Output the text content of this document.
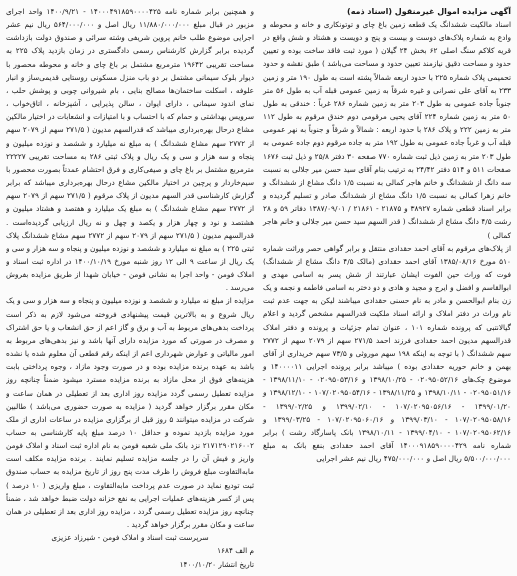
آگهی مزایده اموال غیرمنقول (اسناد ذمه)

اسناد مالکیت ششدانگ یک قطعه زمین باغ چای و توتونکاری و خانه و محوطه و وادع به شماره پلاک‌های دوست و بیست و پنج و دویست و هشتاد و شش واقع در قریه کلاکم سنگ اصلی ۶۲ بخش ۲۴ گیلان ( مورد ثبت فاقد ساخت بوده و تعیین حدود و مساحت دقیق نیازمند تعیین حدود و مساحت می‌باشد ) طبق نقشه و حدود تحمیمی پلاک شماره ۲۲۵ با حدود اربعه شمالاً پشته است به طول ۱۹۰ متر و زمین ۲۳۳ به آقای علی نصرانی و غیره شرقاً به زمین عمومی قبله آب به طول ۵۶ متر جنوباً جاده عمومی به طول ۲۰۳ متر به زمین شماره ۲۸۶ غرباً : خندقی به طول ۵۰ متر به زمین شماره ۲۲۴ آقای یحیی مرقومی دوم خندق مرقوم به طول ۱۱۲ متر به زمین ۲۲۲ و پلاک ۲۸۶ با حدود اربعه : شمالاً و شرقاً و جنوباً به نهر عمومی قبله آب و غرباً جاده عمومی به طول ۱۹۲ متر به جاده مرقوم دوم جاده عمومی به طول ۲۰۳ متر به زمین ذیل ثبت شماره ۷۷۰ صفحه ۳۰ دفتر ۲۵/۸ و ذیل ثبت ۱۶۷۶ صفحات ۵۱۱ و ۵۱۴ دفتر ۲۴/۴۲ به ترتیب بنام آقای سید حسن میر جلالی به نسبت سه دانگ از ششدانگ و خانم هاجر کمالی به نسبت ۱/۵ دانگ مشاع از ششدانگ و خانم زهرا کمالی به نسبت ۱/۵ دانگ مشاع از ششدانگ صادر و تسلیم گردیده و برابر اسناد قطعی شماره ۳۸۹۲۷ و ۲۱۸۷۵ - ۲۱۸۶۱ / ۱۳۸۷/۰۹/۰۱ دفاتر ۵۹ و ۲۸ رشت ۴/۵ دانگ مشاع از ششدانگ ( قدر السهم سید حسن میر جلالی و خانم هاجر کمالی )

از پلاک‌های مرقوم به آقای احمد حقدادی منتقل و برابر گواهی حصر وراثت شماره ۵۱۰ مورخ ۱۳۸۵/۰۸/۱۶ آقای احمد حقدادی (مالک ۴/۵ دانگ مشاع از ششدانگ) فوت که وراث حین الفوت ایشان عبارتند از شش پسر به اسامی مهدی و ابوالقاسم و افضل و ایرج و مجید و هادی و دو دختر به اسامی فاطمه و نجمه و یک زن بنام ابوالحسن و مادر به نام حسنی حقدادی میباشند لیکن به جهت عدم ثبت نام وراث در دفتر املاک و ارائه اسناد ملکیت قدرالسهم مشخص گردید و اعلام گیالانتبی که پرونده شماره ۱۰۱ ، عنوان تمام جزئیات و پرونده و دفتر املاک قدرالسهم مدیون احمد حقدادی فرزند احمد ۲۷۱/۵ سهم از ۲۰۷۹ سهم از ۲۷۷۲ سهم ششدانگ ( با توجه به اینکه ۱۹۸ سهم موروثی و ۷۳/۵ سهم خریداری از آقای بهمن و خانم حوریه حقدادی بوده ) میباشد برابر پرونده اجرایی ۱۴۰۰۰۰۱۱ و موضوع چک‌های ۰۲۰۹۵۰۵۲/۱۶ - ۱۳۹۸/۱۰/۲۵ و ۰۲۰۹۵۰۵۳/۱۶ - ۱۳۹۸/۱۱/۱۰ - ۰۲۰۹۵۰۵۱/۱۶ - ۱۳۹۸/۱۰/۱۱ و ۱۳۹۸/۱۱/۲۵ - ۱۰۷/۰۲۰۹۵۰۵۴/۱۶ - ۱۳۹۸/۱۲/۱۰ و ۱۳۹۹/۰۱/۲۰ - ۱۰۷/۰۲۰۹۵۰۵۶/۱۶ - ۱۳۹۹/۰۲/۱۰ و ۱۳۹۹/۰۲/۲۵ - ۱۰۷/۰۲۰۹۵۰۵۸/۱۶ - ۱۳۹۹/۰۳/۱۰ و ۱۰۷/۰۲۰۹۵۰۶۰/۱۶ - ۱۳۹۹/۰۳/۲۵ و ۱۰۷/۰۲۰۹۵۰۶۲/۱۶ - ۱۳۹۹/۰۴/۱۰ - ۱۳۹۸/۱۰/۱۱ بانک پاسارگاد رشت ) برابر شماره نامه ۱۴۰۰۰۹۱۸۵۹۰۰۰۰۴۲۹ آقای احمد حقدادی بنفع بانک به مبلغ ۵/۵۰۰/۰۰۰/۰۰۰ ریال اصل و ۴۷۵/۰۰۰/۰۰۰ ریال نیم عشر اجرایی

و همچنین برابر شماره نامه ۱۴۰۰۰۴۹۱۸۵۹۰۰۰۰۴۲۵ - ۱۴۰۰/۹/۲۱ واحد اجرای مزبور در قبال مبلغ ۱۱/۸۸۰/۰۰۰/۰۰۰ ریال اصل و ۵۶۴/۰۰۰/۰۰۰ ریال نیم عشر اجرایی موضوع طلب خانم پروین شریفی وشته سرائی و صندوق دولت بازداشت گردیده برابر گزارش کارشناس رسمی دادگستری در زمان بازدید پلاک ۲۲۵ به مساحت تقریبی ۱۹۶۴۲ مترمربع مشتمل بر باغ چای و خانه و محوطه محصور با دیوار بلوک سیمانی مشتمل بر دو باب منزل مسکونی روستایی قدیمی‌ساز و انبار علوفه ، اسکلت ساختمان‌ها مصالح بنایی ، بام شیروانی چوبی و پوشش حلب ، نمای اندود سیمانی ، دارای ایوان ، سالن پذیرایی ، آشپزخانه ، اتاق‌خواب ، سرویس بهداشتی و حمام که با احتساب و با امتیازات و انشعابات در اختیار مالکین مشاع درحال بهره‌برداری میباشد که قدرالسهم مدیون ( ۲۷۱/۵ سهم از ۲۰۷۹ سهم از ۲۷۷۲ سهم مشاع ششدانگ ) به مبلغ نه میلیارد و ششصد و نوزده میلیون و پنجاه و سه هزار و سی و یک ریال و پلاک ثبتی ۲۸۶ به مساحت تقریبی ۲۲۲۲۷ مترمربع مشتمل بر باغ چای و صیفی‌کاری و فرق احتشام عمدتاً بصورت محصور با سیم‌خاردار و پرچین در اختیار مالکین مشاع درحال بهره‌برداری میباشد که برابر گزارش کارشناسی قدر السهم مدیون از پلاک مرقوم ( ۲۷۱/۵ سهم از ۲۰۷۹ سهم از ۲۷۷۲ سهم مشاع ششدانگ ) به مبلغ یک میلیارد و هفتصد و هشتاد میلیون و هشتصد و نود و چهار هزار و یکصد و چهل و نه ریال ارزیابی گردیده‌است . قدرالسهم مدیون ( ۲۷۱/۵ سهم از ۲۰۷۹ سهم از ۲۷۷۲ سهم مشاع ششدانگ پلاک ثبتی ۲۲۵ ) به مبلغ نه میلیارد و ششصد و نوزده میلیون و پنجاه و سه هزار و سی و یک ریال از ساعت ۹ الی ۱۲ روز شنبه مورخ ۱۴۰۰/۱۰/۱۹ در اداره ثبت اسناد و املاک فومن - واحد اجرا به نشانی فومن - خیابان شهدا از طریق مزایده بفروش می‌رسد .

مزایده از مبلغ نه میلیارد و ششصد و نوزده میلیون و پنجاه و سه هزار و سی و یک ریال شروع و به بالاترین قیمت پیشنهادی فروخته می‌شود لازم به ذکر است پرداخت بدهی‌های مربوط به آب و برق و گاز اعم از حق انشعاب و یا حق اشتراک و مصرف در صورتی که مورد مزایده دارای آنها باشد و نیز بدهی‌های مربوط به امور مالیاتی و عوارض شهرداری اعم از اینکه رقم قطعی آن معلوم شده یا نشده باشد به عهده برنده مزایده بوده و در صورت وجود مازاد ، وجوه پرداختی بابت هزینه‌های فوق از محل مازاد به برنده مزایده مسترد میشود ضمناً چنانچه روز مزایده تعطیل رسمی گردد مزایده روز اداری بعد از تعطیلی در همان ساعت و مکان مقرر برگزار خواهد گردید ( مزایده به صورت حضوری می‌باشد ) طالبین شرکت در مزایده میتوانند ۵ روز قبل از برگزاری مزایده در ساعات اداری از ملک مورد مزایده بازدید نموده و حداقل ۱۰ درصد مبلغ پایه کارشناسی به حساب ۲۱۷۱۲۹۰۲۱۶۰۰۲ نزد بانک ملی شعبه فومن به نام اداره ثبت اسناد و املاک فومن واریز و فیش آن را در جلسه مزایده تسلیم نمایند . برنده مزایده مکلف است مابه‌التفاوت مبلغ فروش را ظرف مدت پنج روز از تاریخ مزایده به حساب صندوق ثبت تودیع نماید در صورت عدم پرداخت مابه‌التفاوت ، مبلغ واریزی ( ۱۰ درصد ) پس از کسر هزینه‌های عملیات اجرایی به نفع خزانه دولت ضبط خواهد شد ، ضمناً چنانچه روز مزایده تعطیل رسمی گردد ، مزایده روز اداری بعد از تعطیلی در همان ساعت و مکان مقرر برگزار خواهد گردید .

سرپرست ثبت اسناد و املاک فومن - شیرزاد عزیزی

م الف ۱۶۸۴

تاریخ انتشار ۱۴۰۰/۱۰/۲۰
